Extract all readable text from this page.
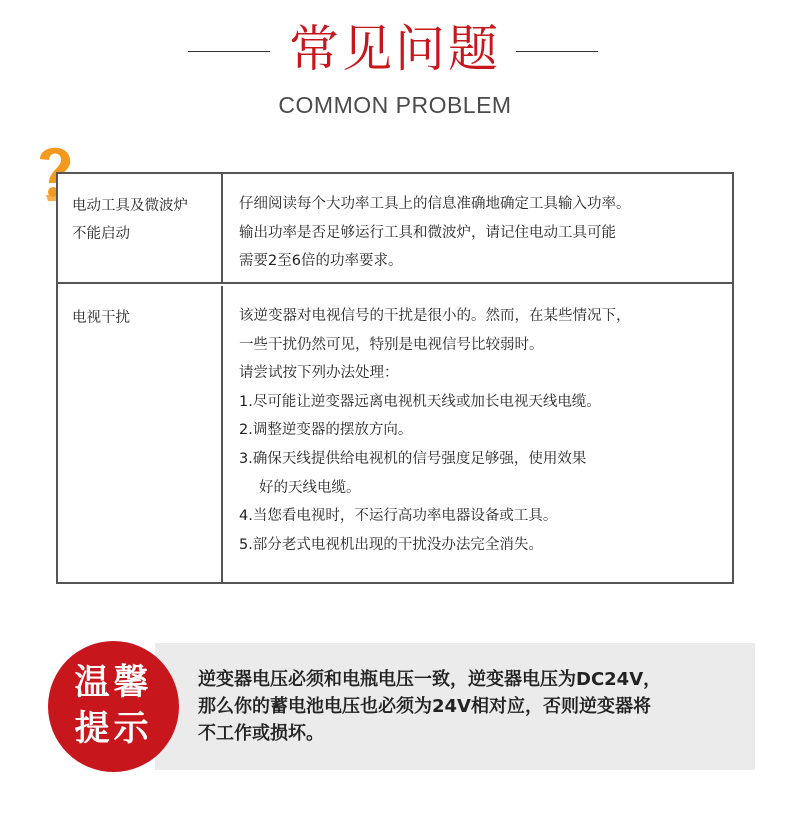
常见问题
COMMON PROBLEM
电动工具及微波炉
不能启动
仔细阅读每个大功率工具上的信息准确地确定工具输入功率。
输出功率是否足够运行工具和微波炉，请记住电动工具可能
需要2至6倍的功率要求。
电视干扰	该逆变器对电视信号的干扰是很小的。然而，在某些情况下，
一些干扰仍然可见，特别是电视信号比较弱时。
请尝试按下列办法处理：
1.尽可能让逆变器远离电视机天线或加长电视天线电缆。
2.调整逆变器的摆放方向。
3.确保天线提供给电视机的信号强度足够强，使用效果
好的天线电缆。
4.当您看电视时，不运行高功率电器设备或工具。
5.部分老式电视机出现的干扰没办法完全消失。
温馨
提示
逆变器电压必须和电瓶电压一致，逆变器电压为DC24V，
那么你的蓄电池电压也必须为24V相对应，否则逆变器将
不工作或损坏。
